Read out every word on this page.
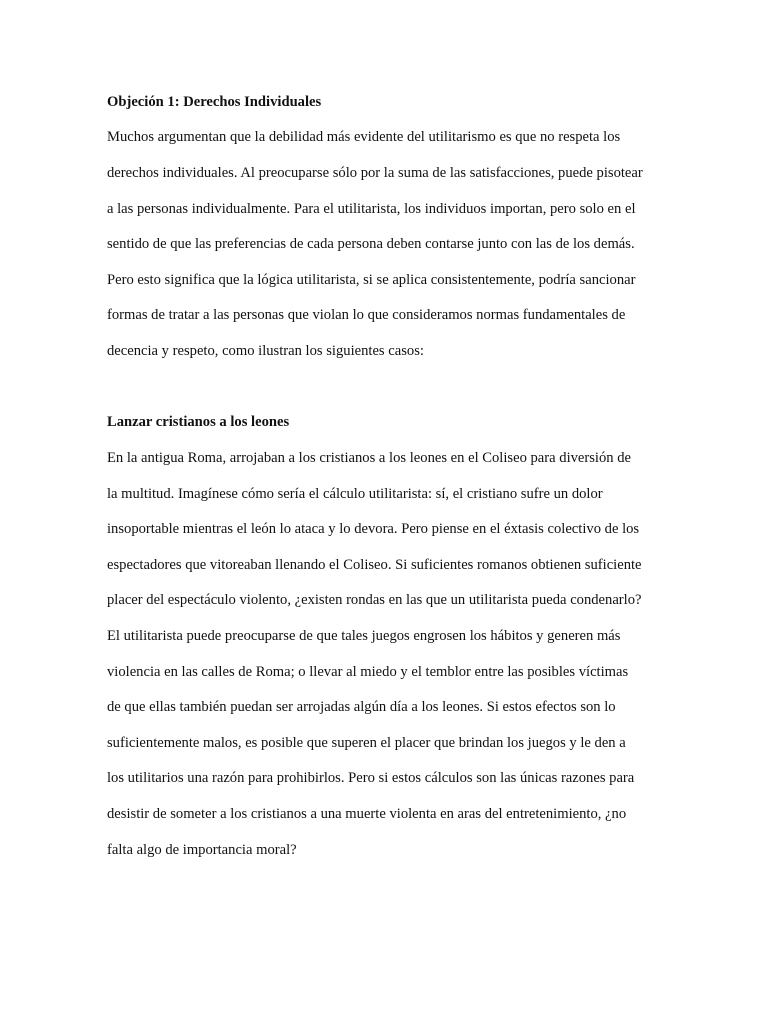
Objeción 1: Derechos Individuales

Muchos argumentan que la debilidad más evidente del utilitarismo es que no respeta los

derechos individuales. Al preocuparse sólo por la suma de las satisfacciones, puede pisotear

a las personas individualmente. Para el utilitarista, los individuos importan, pero solo en el

sentido de que las preferencias de cada persona deben contarse junto con las de los demás.

Pero esto significa que la lógica utilitarista, si se aplica consistentemente, podría sancionar

formas de tratar a las personas que violan lo que consideramos normas fundamentales de

decencia y respeto, como ilustran los siguientes casos:

Lanzar cristianos a los leones

En la antigua Roma, arrojaban a los cristianos a los leones en el Coliseo para diversión de

la multitud. Imagínese cómo sería el cálculo utilitarista: sí, el cristiano sufre un dolor

insoportable mientras el león lo ataca y lo devora. Pero piense en el éxtasis colectivo de los

espectadores que vitoreaban llenando el Coliseo. Si suficientes romanos obtienen suficiente

placer del espectáculo violento, ¿existen rondas en las que un utilitarista pueda condenarlo?

El utilitarista puede preocuparse de que tales juegos engrosen los hábitos y generen más

violencia en las calles de Roma; o llevar al miedo y el temblor entre las posibles víctimas

de que ellas también puedan ser arrojadas algún día a los leones. Si estos efectos son lo

suficientemente malos, es posible que superen el placer que brindan los juegos y le den a

los utilitarios una razón para prohibirlos. Pero si estos cálculos son las únicas razones para

desistir de someter a los cristianos a una muerte violenta en aras del entretenimiento, ¿no

falta algo de importancia moral?
